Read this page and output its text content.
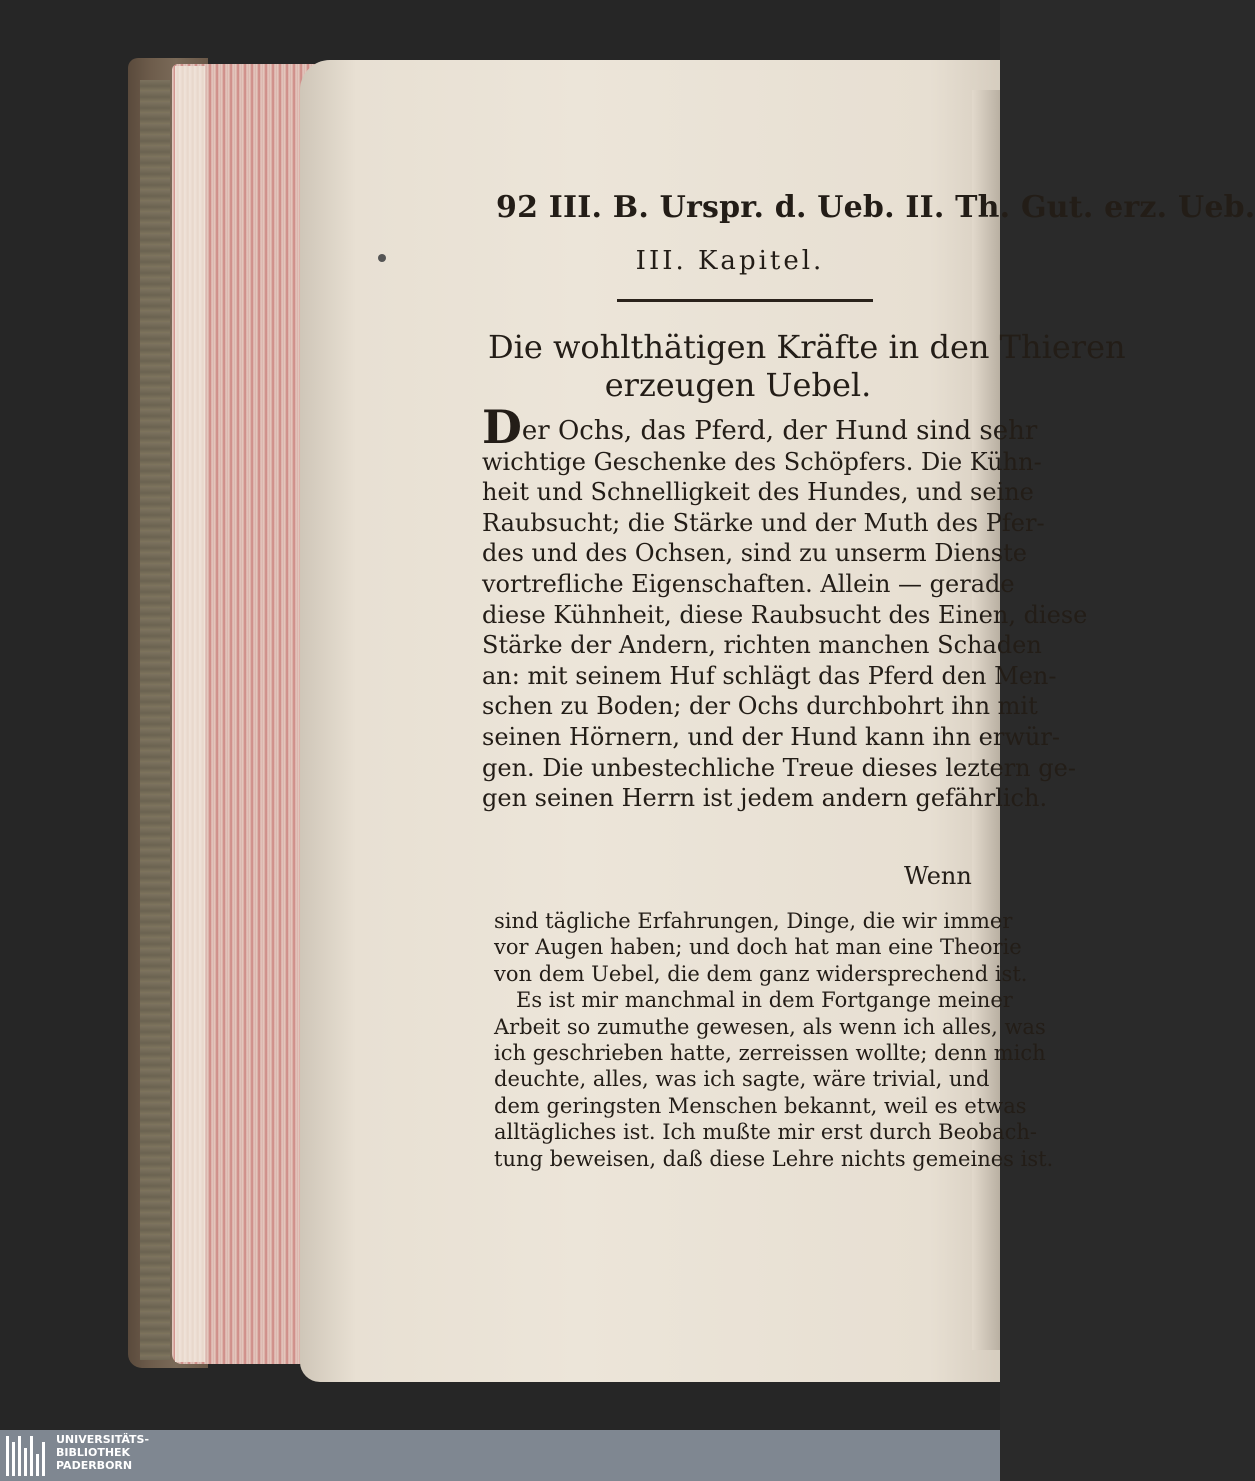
92 III. B. Urspr. d. Ueb. II. Th. Gut. erz. Ueb.
III. Kapitel.
Die wohlthätigen Kräfte in den Thieren
erzeugen Uebel.
Der Ochs, das Pferd, der Hund sind sehr
wichtige Geschenke des Schöpfers. Die Kühn-
heit und Schnelligkeit des Hundes, und seine
Raubsucht; die Stärke und der Muth des Pfer-
des und des Ochsen, sind zu unserm Dienste
vortrefliche Eigenschaften. Allein — gerade
diese Kühnheit, diese Raubsucht des Einen, diese
Stärke der Andern, richten manchen Schaden
an: mit seinem Huf schlägt das Pferd den Men-
schen zu Boden; der Ochs durchbohrt ihn mit
seinen Hörnern, und der Hund kann ihn erwür-
gen. Die unbestechliche Treue dieses leztern ge-
gen seinen Herrn ist jedem andern gefährlich.
Wenn
sind tägliche Erfahrungen, Dinge, die wir immer
vor Augen haben; und doch hat man eine Theorie
von dem Uebel, die dem ganz widersprechend ist.
Es ist mir manchmal in dem Fortgange meiner
Arbeit so zumuthe gewesen, als wenn ich alles, was
ich geschrieben hatte, zerreissen wollte; denn mich
deuchte, alles, was ich sagte, wäre trivial, und
dem geringsten Menschen bekannt, weil es etwas
alltägliches ist. Ich mußte mir erst durch Beobach-
tung beweisen, daß diese Lehre nichts gemeines ist.
UNIVERSITÄTS-
BIBLIOTHEK
PADERBORN
